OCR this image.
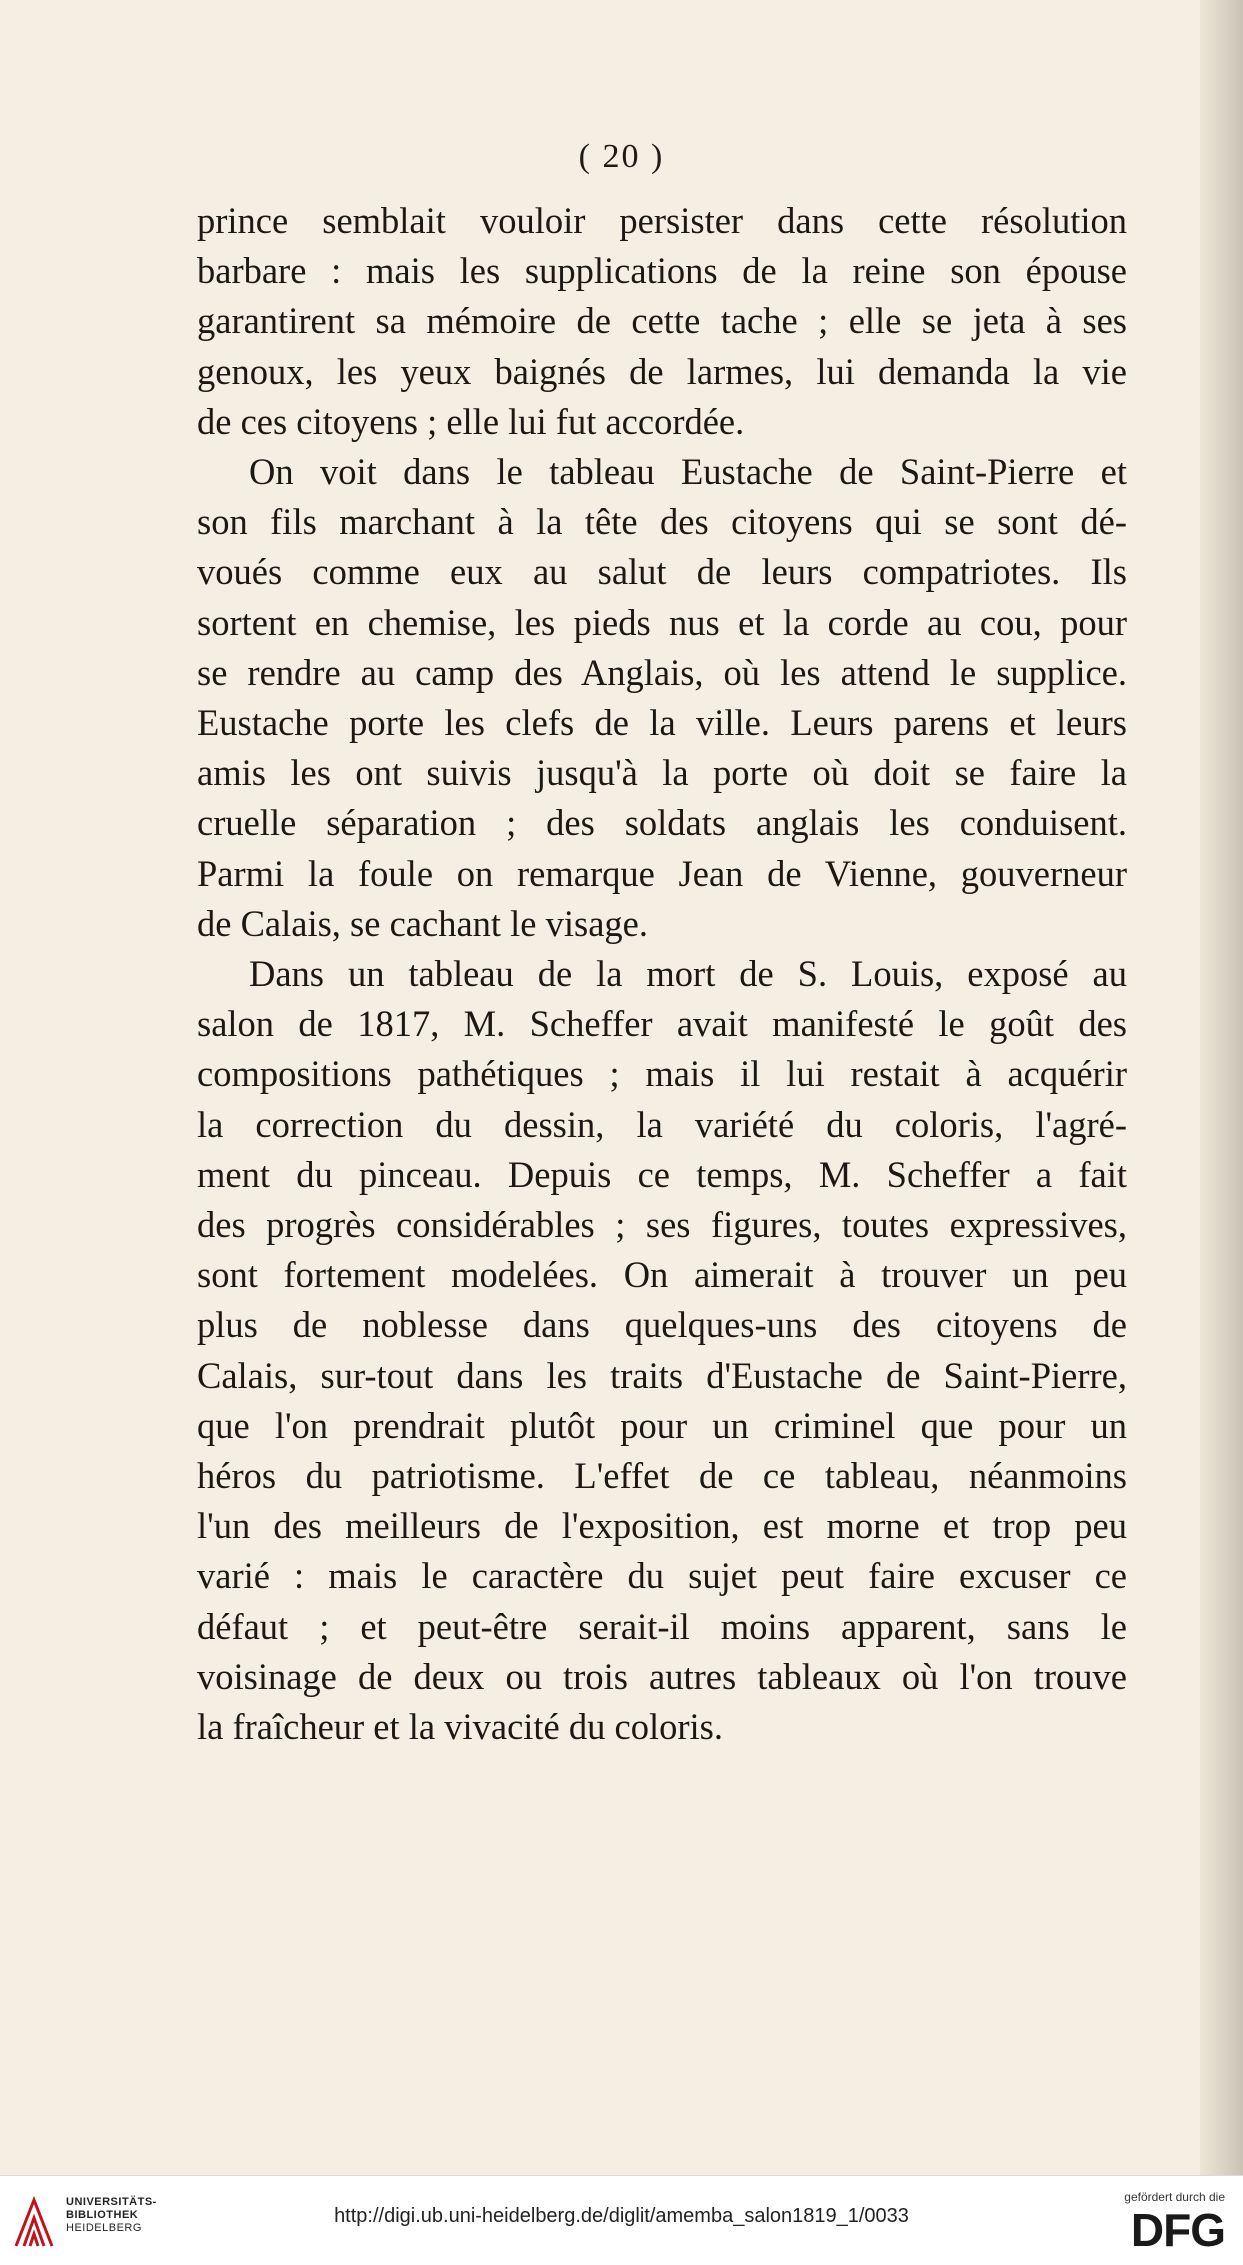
( 20 )
prince semblait vouloir persister dans cette résolution
barbare : mais les supplications de la reine son épouse
garantirent sa mémoire de cette tache ; elle se jeta à ses
genoux, les yeux baignés de larmes, lui demanda la vie
de ces citoyens ; elle lui fut accordée.
On voit dans le tableau Eustache de Saint-Pierre et
son fils marchant à la tête des citoyens qui se sont dé-
voués comme eux au salut de leurs compatriotes. Ils
sortent en chemise, les pieds nus et la corde au cou, pour
se rendre au camp des Anglais, où les attend le supplice.
Eustache porte les clefs de la ville. Leurs parens et leurs
amis les ont suivis jusqu'à la porte où doit se faire la
cruelle séparation ; des soldats anglais les conduisent.
Parmi la foule on remarque Jean de Vienne, gouverneur
de Calais, se cachant le visage.
Dans un tableau de la mort de S. Louis, exposé au
salon de 1817, M. Scheffer avait manifesté le goût des
compositions pathétiques ; mais il lui restait à acquérir
la correction du dessin, la variété du coloris, l'agré-
ment du pinceau. Depuis ce temps, M. Scheffer a fait
des progrès considérables ; ses figures, toutes expressives,
sont fortement modelées. On aimerait à trouver un peu
plus de noblesse dans quelques-uns des citoyens de
Calais, sur-tout dans les traits d'Eustache de Saint-Pierre,
que l'on prendrait plutôt pour un criminel que pour un
héros du patriotisme. L'effet de ce tableau, néanmoins
l'un des meilleurs de l'exposition, est morne et trop peu
varié : mais le caractère du sujet peut faire excuser ce
défaut ; et peut-être serait-il moins apparent, sans le
voisinage de deux ou trois autres tableaux où l'on trouve
la fraîcheur et la vivacité du coloris.
UNIVERSITÄTS-
BIBLIOTHEK
HEIDELBERG
http://digi.ub.uni-heidelberg.de/diglit/amemba_salon1819_1/0033
gefördert durch die
DFG
